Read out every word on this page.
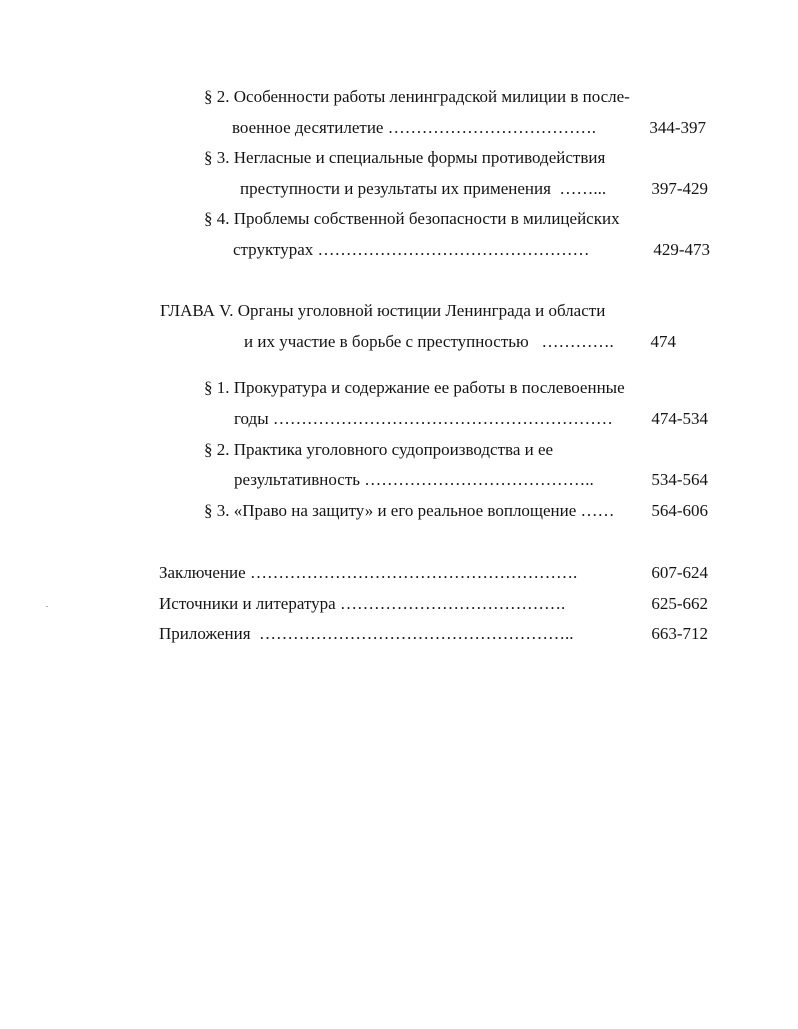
§ 2. Особенности работы ленинградской милиции в после-
военное десятилетие ……………………………….	344-397
§ 3. Негласные и специальные формы противодействия
преступности и результаты их применения  ……...	397-429
§ 4. Проблемы собственной безопасности в милицейских
структурах …………………………………………	429-473
ГЛАВА V. Органы уголовной юстиции Ленинграда и области
и их участие в борьбе с преступностью   …………. 474
§ 1. Прокуратура и содержание ее работы в послевоенные
годы …………………………………………………… 474-534
§ 2. Практика уголовного судопроизводства и ее
результативность …………………………………..	534-564
§ 3. «Право на защиту» и его реальное воплощение …… 564-606
Заключение ………………………………………………….	607-624
Источники и литература ………………………………….	625-662
Приложения  ………………………………………………..	663-712
